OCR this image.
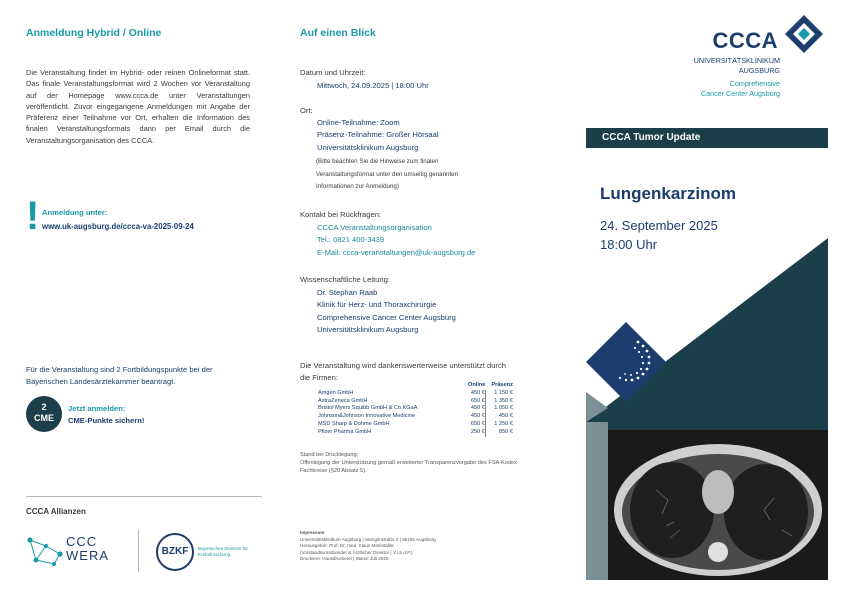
Anmeldung Hybrid / Online
Die Veranstaltung findet im Hybrid- oder reinen Onlineformat statt. Das finale Veranstaltungsformat wird 2 Wochen vor Veranstaltung auf der Homepage www.ccca.de unter Veranstaltungen veröffentlicht. Zuvor eingegangene Anmeldungen mit Angabe der Präferenz einer Teilnahme vor Ort, erhalten die Information des finalen Veranstaltungsformats dann per Email durch die Veranstaltungsorganisation des CCCA.
! Anmeldung unter:
www.uk-augsburg.de/ccca-va-2025-09-24
Für die Veranstaltung sind 2 Fortbildungspunkte bei der Bayerischen Landesärztekammer beantragt.
2
CME
Jetzt anmelden:
CME-Punkte sichern!
CCCA Allianzen
CCC
WERA	BZKF	Bayerisches Zentrum für Krebsforschung
Auf einen Blick
Datum und Uhrzeit:
Mittwoch, 24.09.2025 | 18:00 Uhr
Ort:
Online-Teilnahme: Zoom
Präsenz-Teilnahme: Großer Hörsaal
Universitätsklinikum Augsburg
(Bitte beachten Sie die Hinweise zum finalen
Veranstaltungsformat unter den umseitig genannten
Informationen zur Anmeldung)
Kontakt bei Rückfragen:
CCCA Veranstaltungsorganisation
Tel.: 0821 400-3439
E-Mail: ccca-veranstaltungen@uk-augsburg.de
Wissenschaftliche Leitung:
Dr. Stephan Raab
Klinik für Herz- und Thoraxchirurgie
Comprehensive Cancer Center Augsburg
Universitätsklinikum Augsburg
Die Veranstaltung wird dankenswerterweise unterstützt durch die Firmen:
	Online	Präsenz
Amgen GmbH	450 €	1 150 €
AstraZeneca GmbH	650 €	1 350 €
Bristol Myers Squibb GmbH & Co.KGaA	450 €	1 050 €
Johnson&Johnson Innovative Medicine	450 €	450 €
MSD Sharp & Dohme GmbH	650 €	1 250 €
Pfizer Pharma GmbH	250 €	850 €
Stand bei Drucklegung;
Offenlegung der Unterstützung gemäß erweiterter Transparenzvorgabe des FSA-Kodex Fachkreise (§20 Absatz 5).
Impressum
Universitätsklinikum Augsburg | Stenglinstraße 2 | 86156 Augsburg
Herausgeber: Prof. Dr. med. Klaus Markstaller
(Vorstandsvorsitzender & Ärztlicher Direktor | V.i.S.d.P.)
Druckerei: Hausdruckerei | Stand: Juli 2025
CCCA
UNIVERSITÄTSKLINIKUM
AUGSBURG
Comprehensive
Cancer Center Augsburg
CCCA Tumor Update
Lungenkarzinom
24. September 2025
18:00 Uhr
